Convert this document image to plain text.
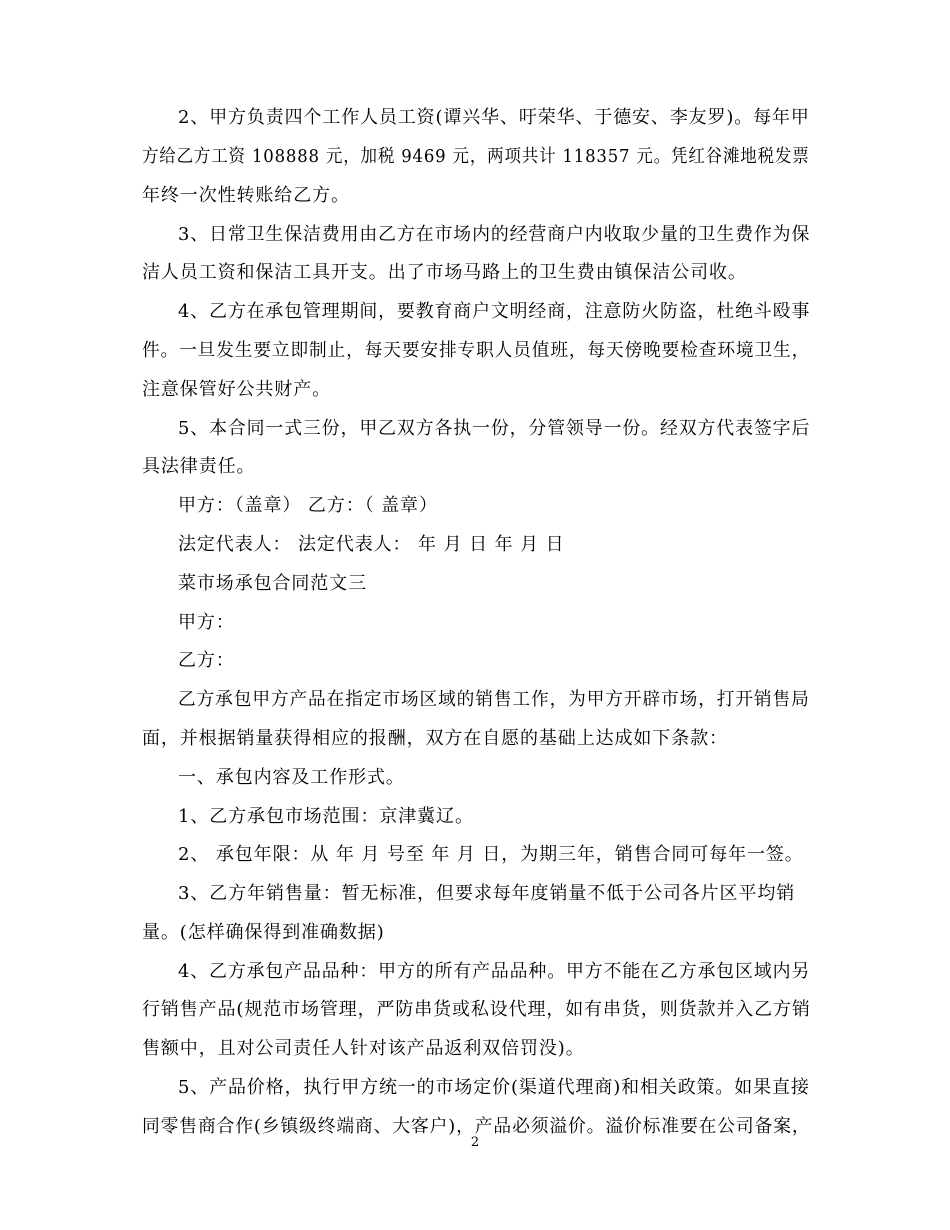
2、甲方负责四个工作人员工资(谭兴华、吁荣华、于德安、李友罗)。每年甲
方给乙方工资 108888 元，加税 9469 元，两项共计 118357 元。凭红谷滩地税发票
年终一次性转账给乙方。
3、日常卫生保洁费用由乙方在市场内的经营商户内收取少量的卫生费作为保
洁人员工资和保洁工具开支。出了市场马路上的卫生费由镇保洁公司收。
4、乙方在承包管理期间，要教育商户文明经商，注意防火防盗，杜绝斗殴事
件。一旦发生要立即制止，每天要安排专职人员值班，每天傍晚要检查环境卫生，
注意保管好公共财产。
5、本合同一式三份，甲乙双方各执一份，分管领导一份。经双方代表签字后
具法律责任。
甲方：（盖章） 乙方：（ 盖章）
法定代表人： 法定代表人： 年 月 日 年 月 日
菜市场承包合同范文三
甲方：
乙方：
乙方承包甲方产品在指定市场区域的销售工作，为甲方开辟市场，打开销售局
面，并根据销量获得相应的报酬，双方在自愿的基础上达成如下条款：
一、承包内容及工作形式。
1、乙方承包市场范围：京津冀辽。
2、 承包年限：从 年 月 号至 年 月 日，为期三年，销售合同可每年一签。
3、乙方年销售量：暂无标准，但要求每年度销量不低于公司各片区平均销
量。(怎样确保得到准确数据)
4、乙方承包产品品种：甲方的所有产品品种。甲方不能在乙方承包区域内另
行销售产品(规范市场管理，严防串货或私设代理，如有串货，则货款并入乙方销
售额中，且对公司责任人针对该产品返利双倍罚没)。
5、产品价格，执行甲方统一的市场定价(渠道代理商)和相关政策。如果直接
同零售商合作(乡镇级终端商、大客户)，产品必须溢价。溢价标准要在公司备案，
2
